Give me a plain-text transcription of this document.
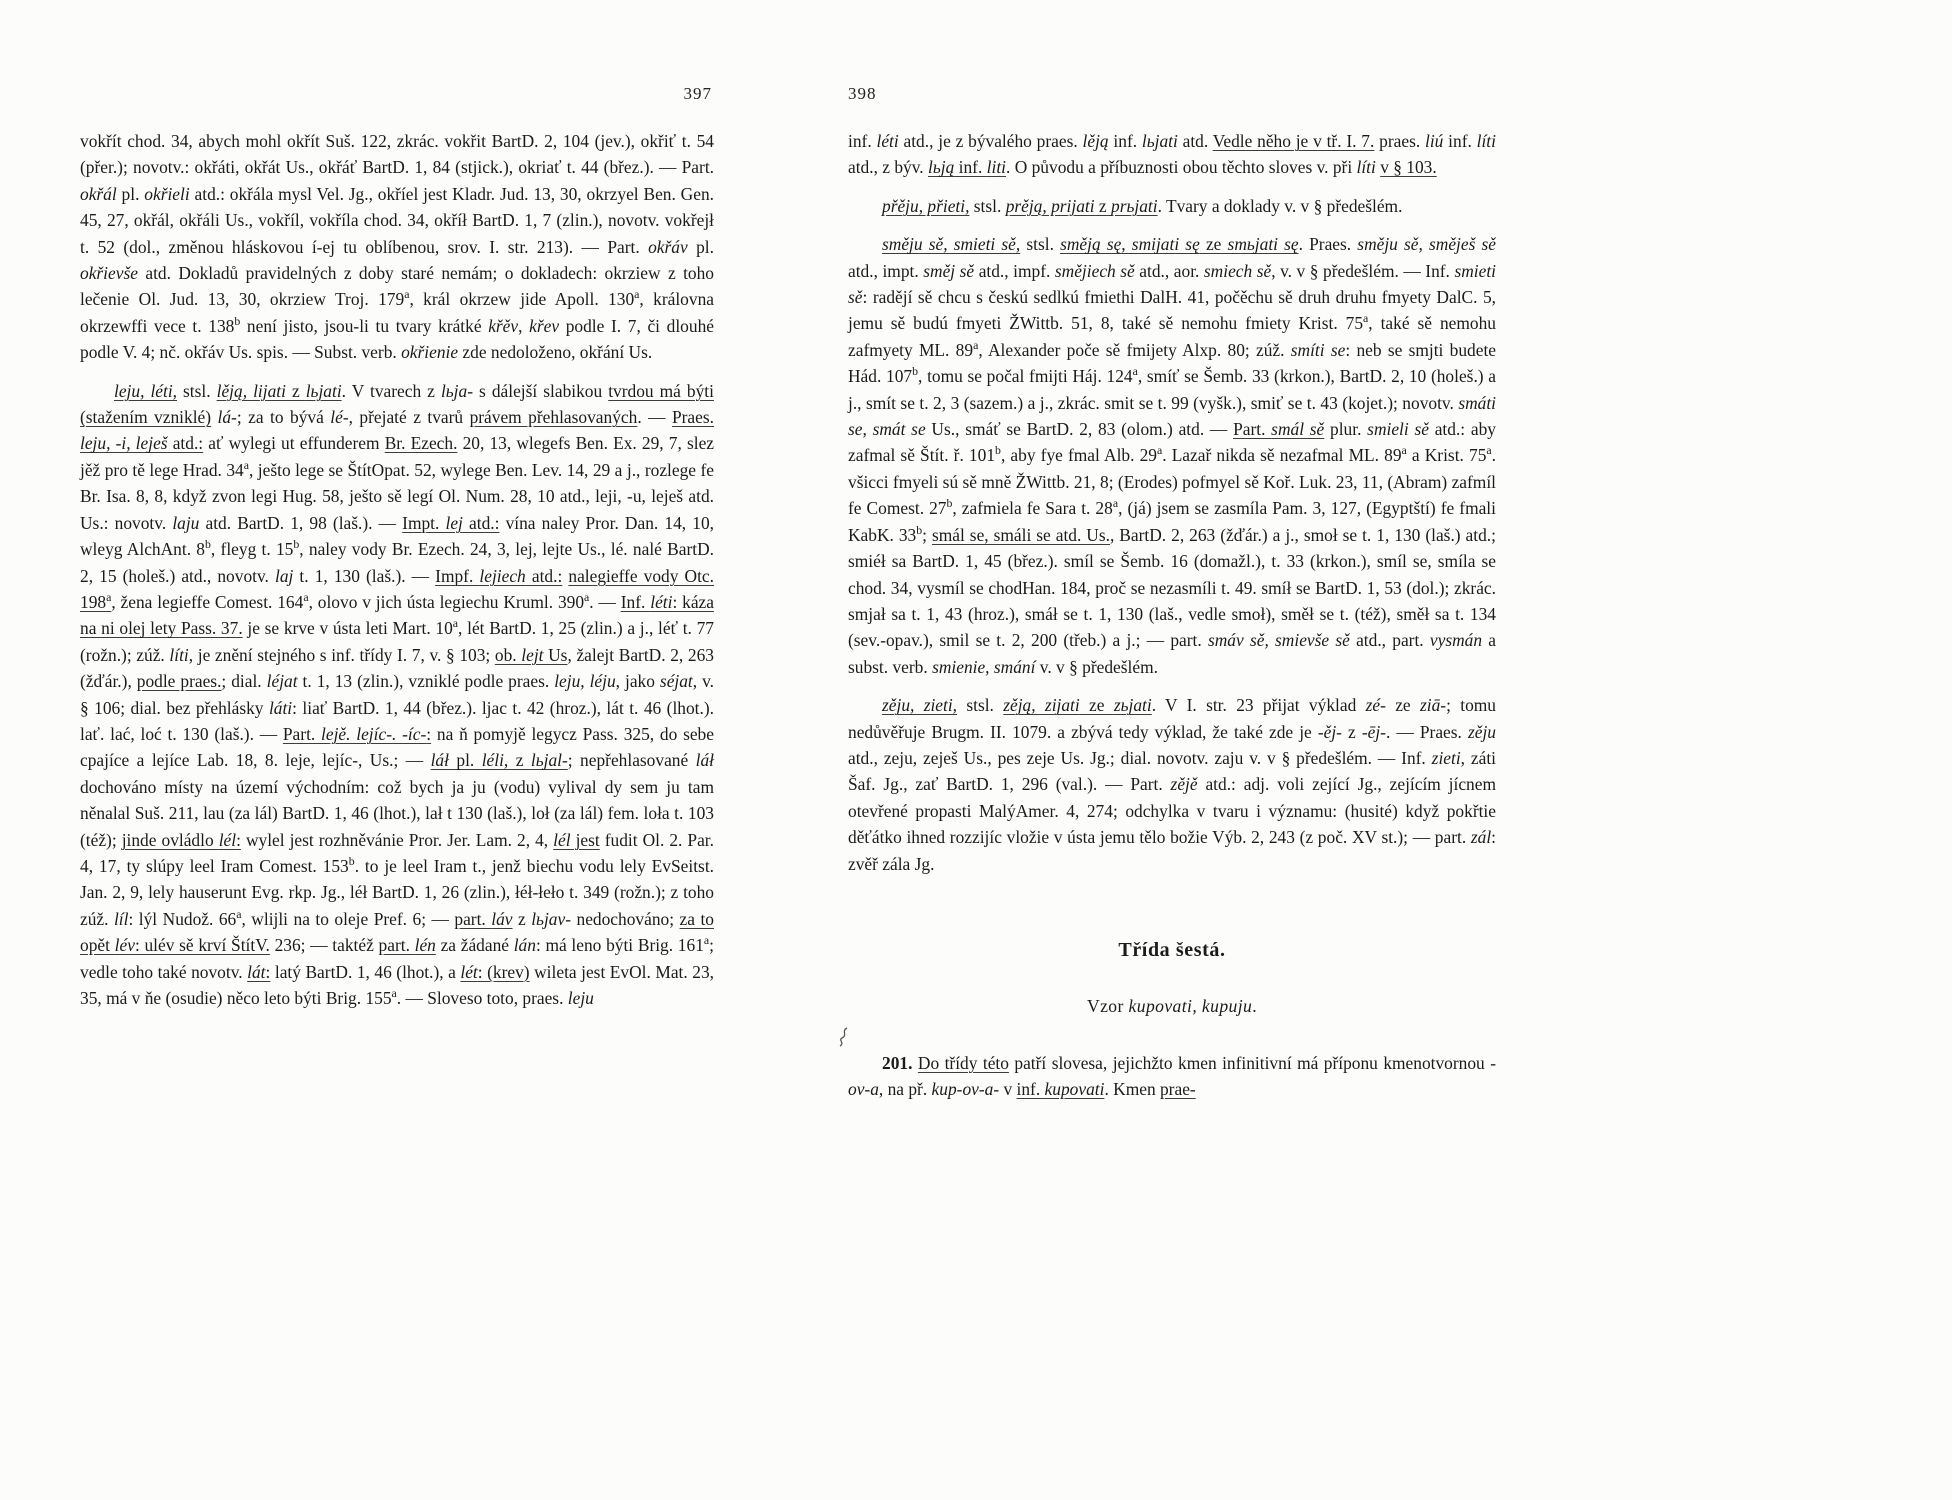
397	398

vokřít chod. 34, abych mohl okřít Suš. 122, zkrác. vokřit BartD. 2, 104 (jev.), okřiť t. 54 (přer.); novotv.: okřáti, okřát Us., okřáť BartD. 1, 84 (stjick.), okriať t. 44 (břez.). — Part. okřál pl. okřieli atd.: okřála mysl Vel. Jg., okříel jest Kladr. Jud. 13, 30, okrzyel Ben. Gen. 45, 27, okřál, okřáli Us., vokříl, vokříla chod. 34, okříł BartD. 1, 7 (zlin.), novotv. vokřejł t. 52 (dol., změnou hláskovou í-ej tu oblíbenou, srov. I. str. 213). — Part. okřáv pl. okřievše atd. Dokladů pravidelných z doby staré nemám; o dokladech: okrziew z toho lečenie Ol. Jud. 13, 30, okrziew Troj. 179$^a$, král okrzew jide Apoll. 130$^a$, královna okrzewffi vece t. 138$^b$ není jisto, jsou-li tu tvary krátké křěv, křev podle I. 7, či dlouhé podle V. 4; nč. okřáv Us. spis. — Subst. verb. okřienie zde nedoloženo, okřání Us.

leju, léti, stsl. lěją, lijati z lьjati. V tvarech z lьja- s dálejší slabikou tvrdou má býti (stažením vzniklé) lá-; za to bývá lé-, přejaté z tvarů právem přehlasovaných. — Praes. leju, -i, leješ atd.: ať wylegi ut effunderem Br. Ezech. 20, 13, wlegefs Ben. Ex. 29, 7, slez jěž pro tě lege Hrad. 34$^a$, ješto lege se ŠtítOpat. 52, wylege Ben. Lev. 14, 29 a j., rozlege fe Br. Isa. 8, 8, když zvon legi Hug. 58, ješto sě legí Ol. Num. 28, 10 atd., leji, -u, leješ atd. Us.: novotv. laju atd. BartD. 1, 98 (laš.). — Impt. lej atd.: vína naley Pror. Dan. 14, 10, wleyg AlchAnt. 8$^b$, fleyg t. 15$^b$, naley vody Br. Ezech. 24, 3, lej, lejte Us., lé. nalé BartD. 2, 15 (holeš.) atd., novotv. laj t. 1, 130 (laš.). — Impf. lejiech atd.: nalegieffe vody Otc. 198$^a$, žena legieffe Comest. 164$^a$, olovo v jich ústa legiechu Kruml. 390$^a$. — Inf. léti: káza na ni olej lety Pass. 37. je se krve v ústa leti Mart. 10$^a$, lét BartD. 1, 25 (zlin.) a j., léť t. 77 (rožn.); zúž. líti, je znění stejného s inf. třídy I. 7, v. § 103; ob. lejt Us, žalejt BartD. 2, 263 (žďár.), podle praes.; dial. léjat t. 1, 13 (zlin.), vzniklé podle praes. leju, léju, jako séjat, v. § 106; dial. bez přehlásky láti: liať BartD. 1, 44 (břez.). ljac t. 42 (hroz.), lát t. 46 (lhot.). lať. lać, loć t. 130 (laš.). — Part. lejě. lejíc-. -íc-: na ň pomyjě legycz Pass. 325, do sebe cpajíce a lejíce Lab. 18, 8. leje, lejíc-, Us.; — láł pl. léli, z lьjal-; nepřehlasované láł dochováno místy na území východním: což bych ja ju (vodu) vylival dy sem ju tam něnalal Suš. 211, lau (za lál) BartD. 1, 46 (lhot.), lał t 130 (laš.), loł (za lál) fem. loła t. 103 (též); jinde ovládlo lél: wylel jest rozhněvánie Pror. Jer. Lam. 2, 4, lél jest fudit Ol. 2. Par. 4, 17, ty slúpy leel Iram Comest. 153$^b$. to je leel Iram t., jenž biechu vodu lely EvSeitst. Jan. 2, 9, lely hauserunt Evg. rkp. Jg., léł BartD. 1, 26 (zlin.), łéł-łeło t. 349 (rožn.); z toho zúž. líl: lýl Nudož. 66$^a$, wlijli na to oleje Pref. 6; — part. láv z lьjav- nedochováno; za to opět lév: ulév sě krví ŠtítV. 236; — taktéž part. lén za žádané lán: má leno býti Brig. 161$^a$; vedle toho také novotv. lát: latý BartD. 1, 46 (lhot.), a lét: (krev) wileta jest EvOl. Mat. 23, 35, má v ňe (osudie) něco leto býti Brig. 155$^a$. — Sloveso toto, praes. leju

inf. léti atd., je z bývalého praes. lěją inf. lьjati atd. Vedle něho je v tř. I. 7. praes. liú inf. líti atd., z býv. lьją inf. liti. O původu a příbuznosti obou těchto sloves v. při líti v § 103.

přěju, přieti, stsl. prěją, prijati z prьjati. Tvary a doklady v. v § předešlém.

směju sě, smieti sě, stsl. směją sę, smijati sę ze smьjati sę. Praes. směju sě, směješ sě atd., impt. směj sě atd., impf. smějiech sě atd., aor. smiech sě, v. v § předešlém. — Inf. smieti sě: radějí sě chcu s českú sedlkú fmiethi DalH. 41, počěchu sě druh druhu fmyety DalC. 5, jemu sě budú fmyeti ŽWittb. 51, 8, také sě nemohu fmiety Krist. 75$^a$, také sě nemohu zafmyety ML. 89$^a$, Alexander poče sě fmijety Alxp. 80; zúž. smíti se: neb se smjti budete Hád. 107$^b$, tomu se počal fmijti Háj. 124$^a$, smíť se Šemb. 33 (krkon.), BartD. 2, 10 (holeš.) a j., smít se t. 2, 3 (sazem.) a j., zkrác. smit se t. 99 (vyšk.), smiť se t. 43 (kojet.); novotv. smáti se, smát se Us., smáť se BartD. 2, 83 (olom.) atd. — Part. smál sě plur. smieli sě atd.: aby zafmal sě Štít. ř. 101$^b$, aby fye fmal Alb. 29$^a$. Lazař nikda sě nezafmal ML. 89$^a$ a Krist. 75$^a$. všicci fmyeli sú sě mně ŽWittb. 21, 8; (Erodes) pofmyel sě Koř. Luk. 23, 11, (Abram) zafmíl fe Comest. 27$^b$, zafmiela fe Sara t. 28$^a$, (já) jsem se zasmíla Pam. 3, 127, (Egyptští) fe fmali KabK. 33$^b$; smál se, smáli se atd. Us., BartD. 2, 263 (žďár.) a j., smoł se t. 1, 130 (laš.) atd.; smiéł sa BartD. 1, 45 (břez.). smíl se Šemb. 16 (domažl.), t. 33 (krkon.), smíl se, smíla se chod. 34, vysmíl se chodHan. 184, proč se nezasmíli t. 49. smíł se BartD. 1, 53 (dol.); zkrác. smjał sa t. 1, 43 (hroz.), smáł se t. 1, 130 (laš., vedle smoł), směł se t. (též), směł sa t. 134 (sev.-opav.), smil se t. 2, 200 (třeb.) a j.; — part. smáv sě, smievše sě atd., part. vysmán a subst. verb. smienie, smání v. v § předešlém.

zěju, zieti, stsl. zěją, zijati ze zьjati. V I. str. 23 přijat výklad zé- ze ziā-; tomu nedůvěřuje Brugm. II. 1079. a zbývá tedy výklad, že také zde je -ěj- z -ēj-. — Praes. zěju atd., zeju, zeješ Us., pes zeje Us. Jg.; dial. novotv. zaju v. v § předešlém. — Inf. zieti, záti Šaf. Jg., zať BartD. 1, 296 (val.). — Part. zějě atd.: adj. voli zející Jg., zejícím jícnem otevřené propasti MalýAmer. 4, 274; odchylka v tvaru i významu: (husité) když pokřtie děťátko ihned rozzijíc vložie v ústa jemu tělo božie Výb. 2, 243 (z poč. XV st.); — part. zál: zvěř zála Jg.

Třída šestá.

Vzor kupovati, kupuju.

201. Do třídy této patří slovesa, jejichžto kmen infinitivní má příponu kmenotvornou -ov-a, na př. kup-ov-a- v inf. kupovati. Kmen prae-
